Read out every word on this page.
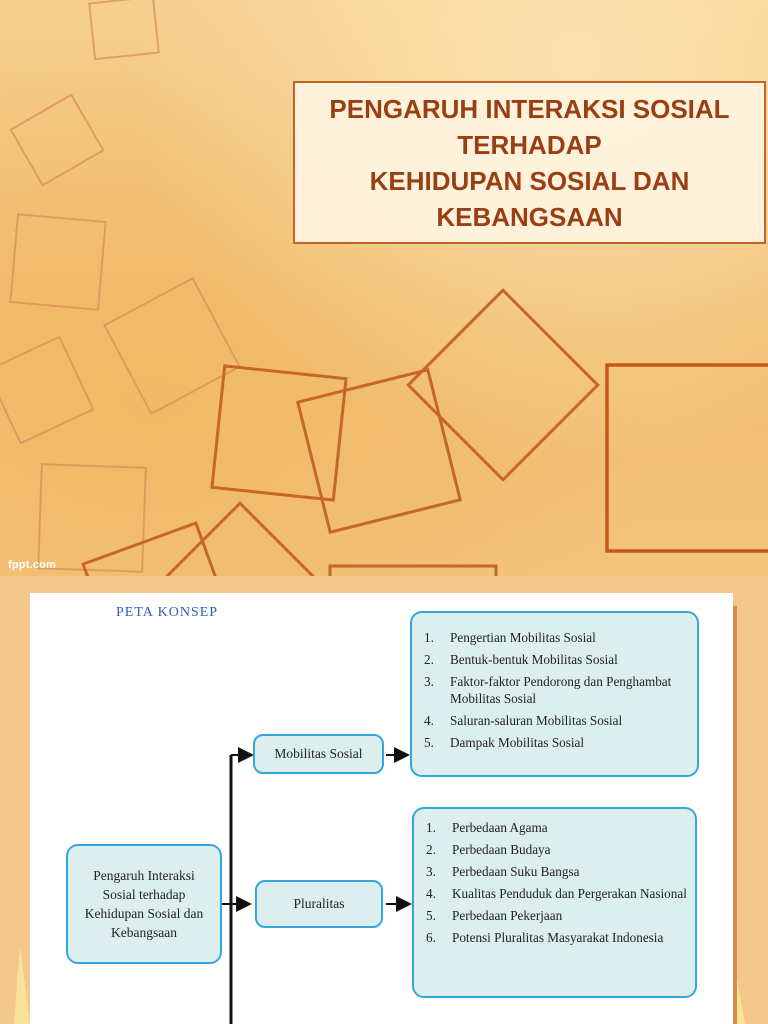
PENGARUH INTERAKSI SOSIAL
TERHADAP
KEHIDUPAN SOSIAL DAN
KEBANGSAAN
fppt.com
PETA KONSEP
Pengaruh Interaksi Sosial terhadap Kehidupan Sosial dan Kebangsaan
Mobilitas Sosial
Pluralitas
1.	Pengertian Mobilitas Sosial
2.	Bentuk-bentuk Mobilitas Sosial
3.	Faktor-faktor Pendorong dan Penghambat Mobilitas Sosial
4.	Saluran-saluran Mobilitas Sosial
5.	Dampak Mobilitas Sosial
1.	Perbedaan Agama
2.	Perbedaan Budaya
3.	Perbedaan Suku Bangsa
4.	Kualitas Penduduk dan Pergerakan Nasional
5.	Perbedaan Pekerjaan
6.	Potensi Pluralitas Masyarakat Indonesia
